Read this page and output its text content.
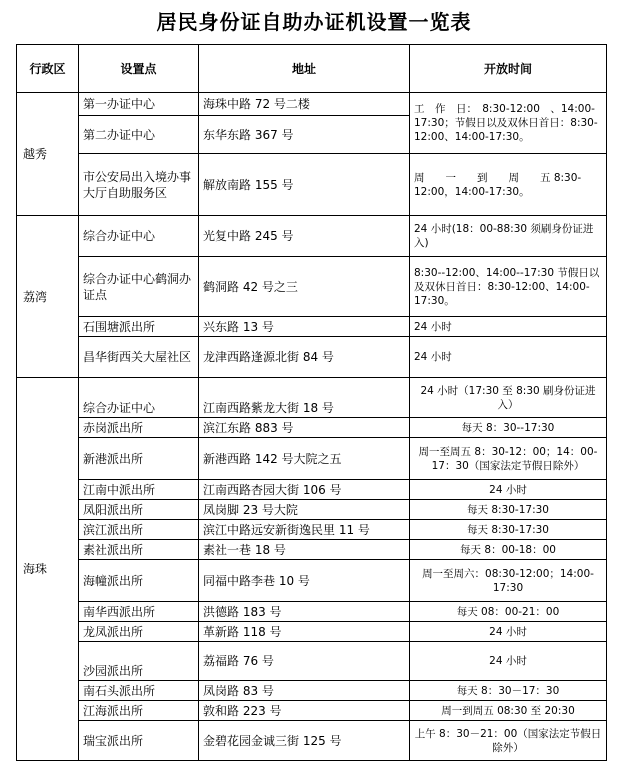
居民身份证自助办证机设置一览表
行政区	设置点	地址	开放时间
越秀	第一办证中心	海珠中路 72 号二楼	工　作　日：　8:30-12:00　、14:00-17:30；节假日以及双休日首日：8:30-12:00、14:00-17:30。
	第二办证中心	东华东路 367 号	
	市公安局出入境办事大厅自助服务区	解放南路 155 号	周　　一　　到　　周　　五 8:30-12:00，14:00-17:30。
荔湾	综合办证中心	光复中路 245 号	24 小时(18：00-88:30 须刷身份证进入)
	综合办证中心鹤洞办证点	鹤洞路 42 号之三	8:30--12:00、14:00--17:30 节假日以及双休日首日：8:30-12:00、14:00-17:30。
	石围塘派出所	兴东路 13 号	24 小时
	昌华街西关大屋社区	龙津西路逢源北街 84 号	24 小时
海珠	综合办证中心	江南西路紫龙大街 18 号	24 小时（17:30 至 8:30 刷身份证进入）
	赤岗派出所	滨江东路 883 号	每天 8：30--17:30
	新港派出所	新港西路 142 号大院之五	周一至周五 8：30-12：00；14：00-17：30（国家法定节假日除外）
	江南中派出所	江南西路杏园大街 106 号	24 小时
	凤阳派出所	凤岗脚 23 号大院	每天 8:30-17:30
	滨江派出所	滨江中路远安新街逸民里 11 号	每天 8:30-17:30
	素社派出所	素社一巷 18 号	每天 8：00-18：00
	海幢派出所	同福中路李巷 10 号	周一至周六：08:30-12:00；14:00-17:30
	南华西派出所	洪德路 183 号	每天 08：00-21：00
	龙凤派出所	革新路 118 号	24 小时
	沙园派出所	荔福路 76 号	24 小时
	南石头派出所	凤岗路 83 号	每天 8：30－17：30
	江海派出所	敦和路 223 号	周一到周五 08:30 至 20:30
	瑞宝派出所	金碧花园金诚三街 125 号	上午 8：30－21：00（国家法定节假日除外）
